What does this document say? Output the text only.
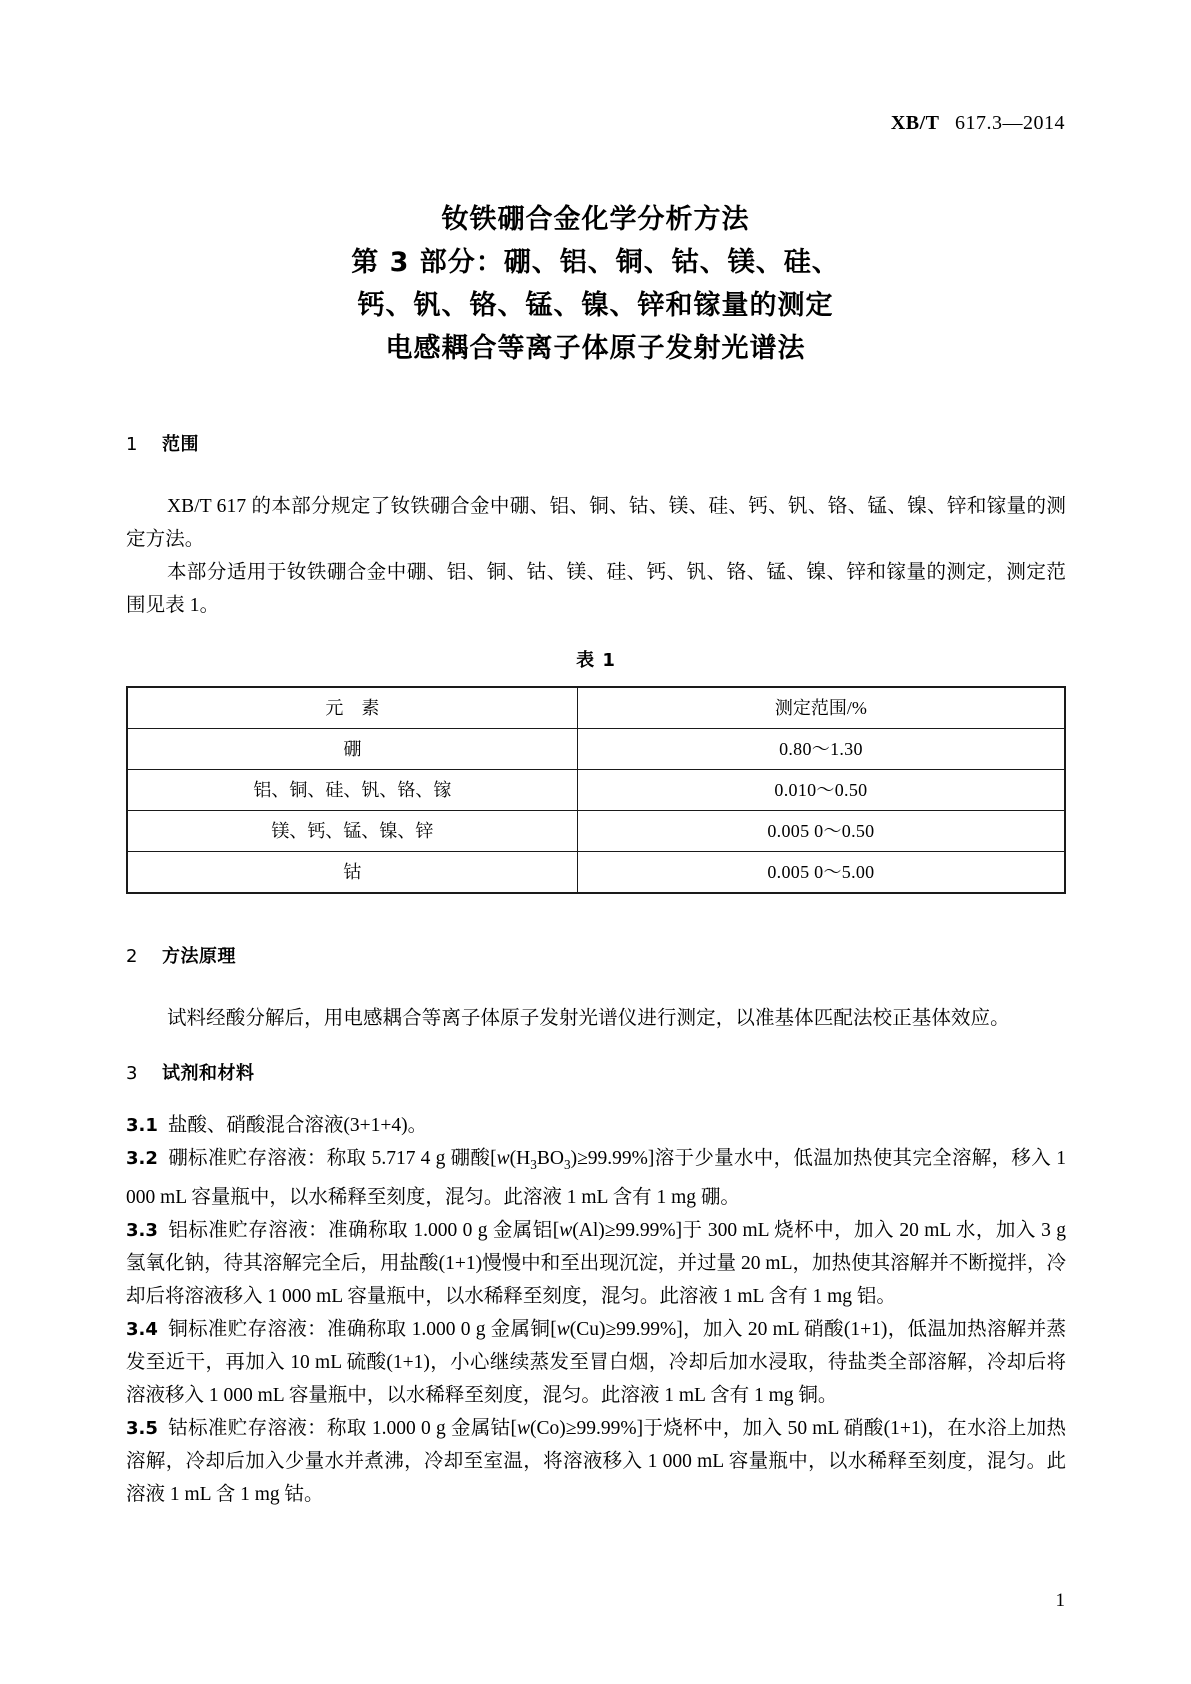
XB/T 617.3—2014
钕铁硼合金化学分析方法
第 3 部分：硼、铝、铜、钴、镁、硅、
钙、钒、铬、锰、镍、锌和镓量的测定
电感耦合等离子体原子发射光谱法

1 范围

XB/T 617 的本部分规定了钕铁硼合金中硼、铝、铜、钴、镁、硅、钙、钒、铬、锰、镍、锌和镓量的测定方法。

本部分适用于钕铁硼合金中硼、铝、铜、钴、镁、硅、钙、钒、铬、锰、镍、锌和镓量的测定，测定范围见表 1。

表 1

元　素	测定范围/%
硼	0.80～1.30
铝、铜、硅、钒、铬、镓	0.010～0.50
镁、钙、锰、镍、锌	0.005 0～0.50
钴	0.005 0～5.00

2 方法原理

试料经酸分解后，用电感耦合等离子体原子发射光谱仪进行测定，以准基体匹配法校正基体效应。

3 试剂和材料

3.1 盐酸、硝酸混合溶液(3+1+4)。

3.2 硼标准贮存溶液：称取 5.717 4 g 硼酸$[w(H_3BO_3)\ge 99.99\%]$溶于少量水中，低温加热使其完全溶解，移入 1 000 mL 容量瓶中，以水稀释至刻度，混匀。此溶液 1 mL 含有 1 mg 硼。

3.3 铝标准贮存溶液：准确称取 1.000 0 g 金属铝[w(Al)≥99.99%]于 300 mL 烧杯中，加入 20 mL 水，加入 3 g 氢氧化钠，待其溶解完全后，用盐酸(1+1)慢慢中和至出现沉淀，并过量 20 mL，加热使其溶解并不断搅拌，冷却后将溶液移入 1 000 mL 容量瓶中，以水稀释至刻度，混匀。此溶液 1 mL 含有 1 mg 铝。

3.4 铜标准贮存溶液：准确称取 1.000 0 g 金属铜[w(Cu)≥99.99%]，加入 20 mL 硝酸(1+1)，低温加热溶解并蒸发至近干，再加入 10 mL 硫酸(1+1)，小心继续蒸发至冒白烟，冷却后加水浸取，待盐类全部溶解，冷却后将溶液移入 1 000 mL 容量瓶中，以水稀释至刻度，混匀。此溶液 1 mL 含有 1 mg 铜。

3.5 钴标准贮存溶液：称取 1.000 0 g 金属钴[w(Co)≥99.99%]于烧杯中，加入 50 mL 硝酸(1+1)，在水浴上加热溶解，冷却后加入少量水并煮沸，冷却至室温，将溶液移入 1 000 mL 容量瓶中，以水稀释至刻度，混匀。此溶液 1 mL 含 1 mg 钴。

1
